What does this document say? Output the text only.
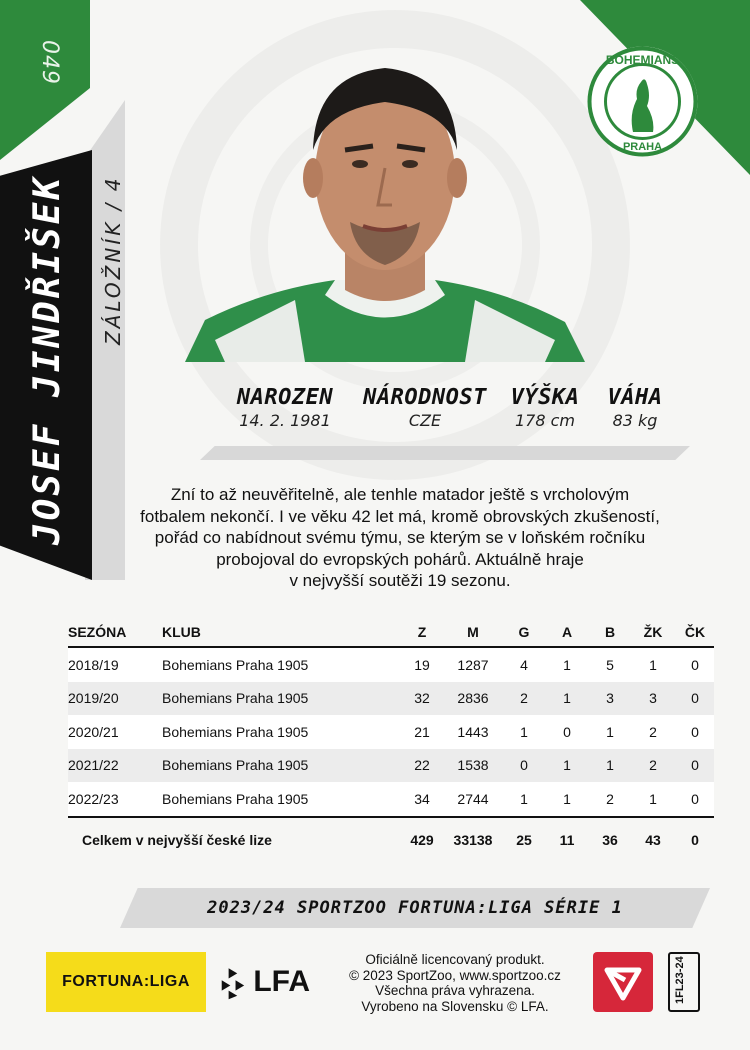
049
JOSEF JINDŘIŠEK	ZÁLOŽNÍK / 4
BOHEMIANS
PRAHA
NAROZEN
14. 2. 1981
NÁRODNOST
CZE
VÝŠKA
178 cm
VÁHA
83 kg
Zní to až neuvěřitelně, ale tenhle matador ještě s vrcholovým
fotbalem nekončí. I ve věku 42 let má, kromě obrovských zkušeností,
pořád co nabídnout svému týmu, se kterým se v loňském ročníku
probojoval do evropských pohárů. Aktuálně hraje
v nejvyšší soutěži 19 sezonu.
SEZÓNA	KLUB	Z	M	G	A	B	ŽK	ČK
2018/19	Bohemians Praha 1905	19	1287	4	1	5	1	0
2019/20	Bohemians Praha 1905	32	2836	2	1	3	3	0
2020/21	Bohemians Praha 1905	21	1443	1	0	1	2	0
2021/22	Bohemians Praha 1905	22	1538	0	1	1	2	0
2022/23	Bohemians Praha 1905	34	2744	1	1	2	1	0
Celkem v nejvyšší české lize		429	33138	25	11	36	43	0
2023/24 SPORTZOO FORTUNA:LIGA SÉRIE 1
FORTUNA:LIGA	LFA
Oficiálně licencovaný produkt.
© 2023 SportZoo, www.sportzoo.cz
Všechna práva vyhrazena.
Vyrobeno na Slovensku © LFA.
1FL23-24
